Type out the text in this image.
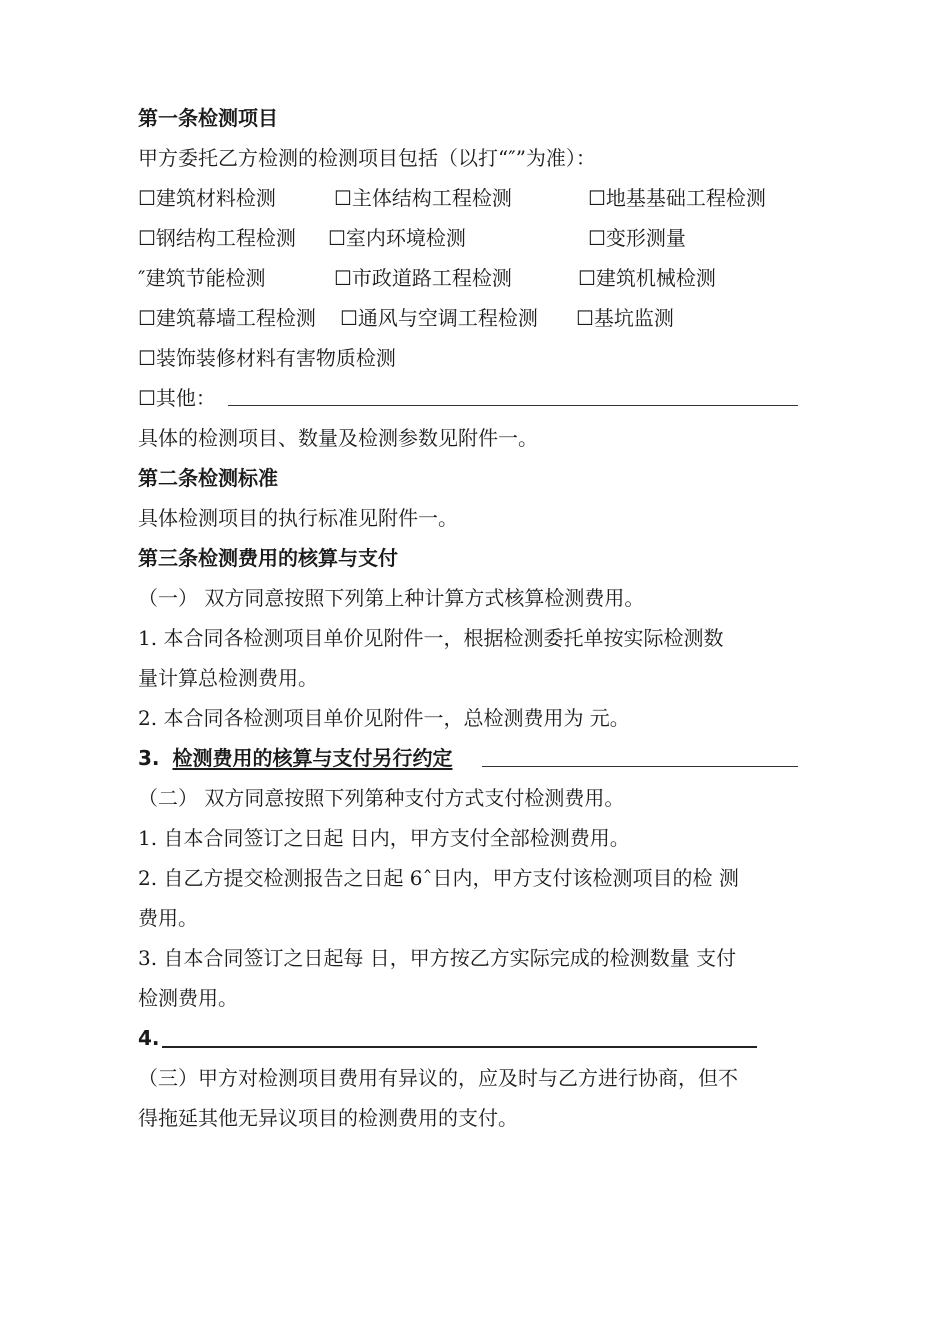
第一条检测项目
甲方委托乙方检测的检测项目包括（以打“″”为准）：
☐建筑材料检测	☐主体结构工程检测	☐地基基础工程检测
☐钢结构工程检测 ☐室内环境检测	☐变形测量
″建筑节能检测	☐市政道路工程检测	☐建筑机械检测
☐建筑幕墙工程检测 ☐通风与空调工程检测 ☐基坑监测
☐装饰装修材料有害物质检测
☐其他：
具体的检测项目、数量及检测参数见附件一。
第二条检测标准
具体检测项目的执行标准见附件一。
第三条检测费用的核算与支付
（一） 双方同意按照下列第上种计算方式核算检测费用。
1. 本合同各检测项目单价见附件一，根据检测委托单按实际检测数
量计算总检测费用。
2. 本合同各检测项目单价见附件一，总检测费用为 元。
3. 检测费用的核算与支付另行约定
（二） 双方同意按照下列第种支付方式支付检测费用。
1. 自本合同签订之日起 日内，甲方支付全部检测费用。
2. 自乙方提交检测报告之日起 6ˆ日内，甲方支付该检测项目的检 测
费用。
3. 自本合同签订之日起每 日，甲方按乙方实际完成的检测数量 支付
检测费用。
4.
（三）甲方对检测项目费用有异议的，应及时与乙方进行协商，但不
得拖延其他无异议项目的检测费用的支付。
